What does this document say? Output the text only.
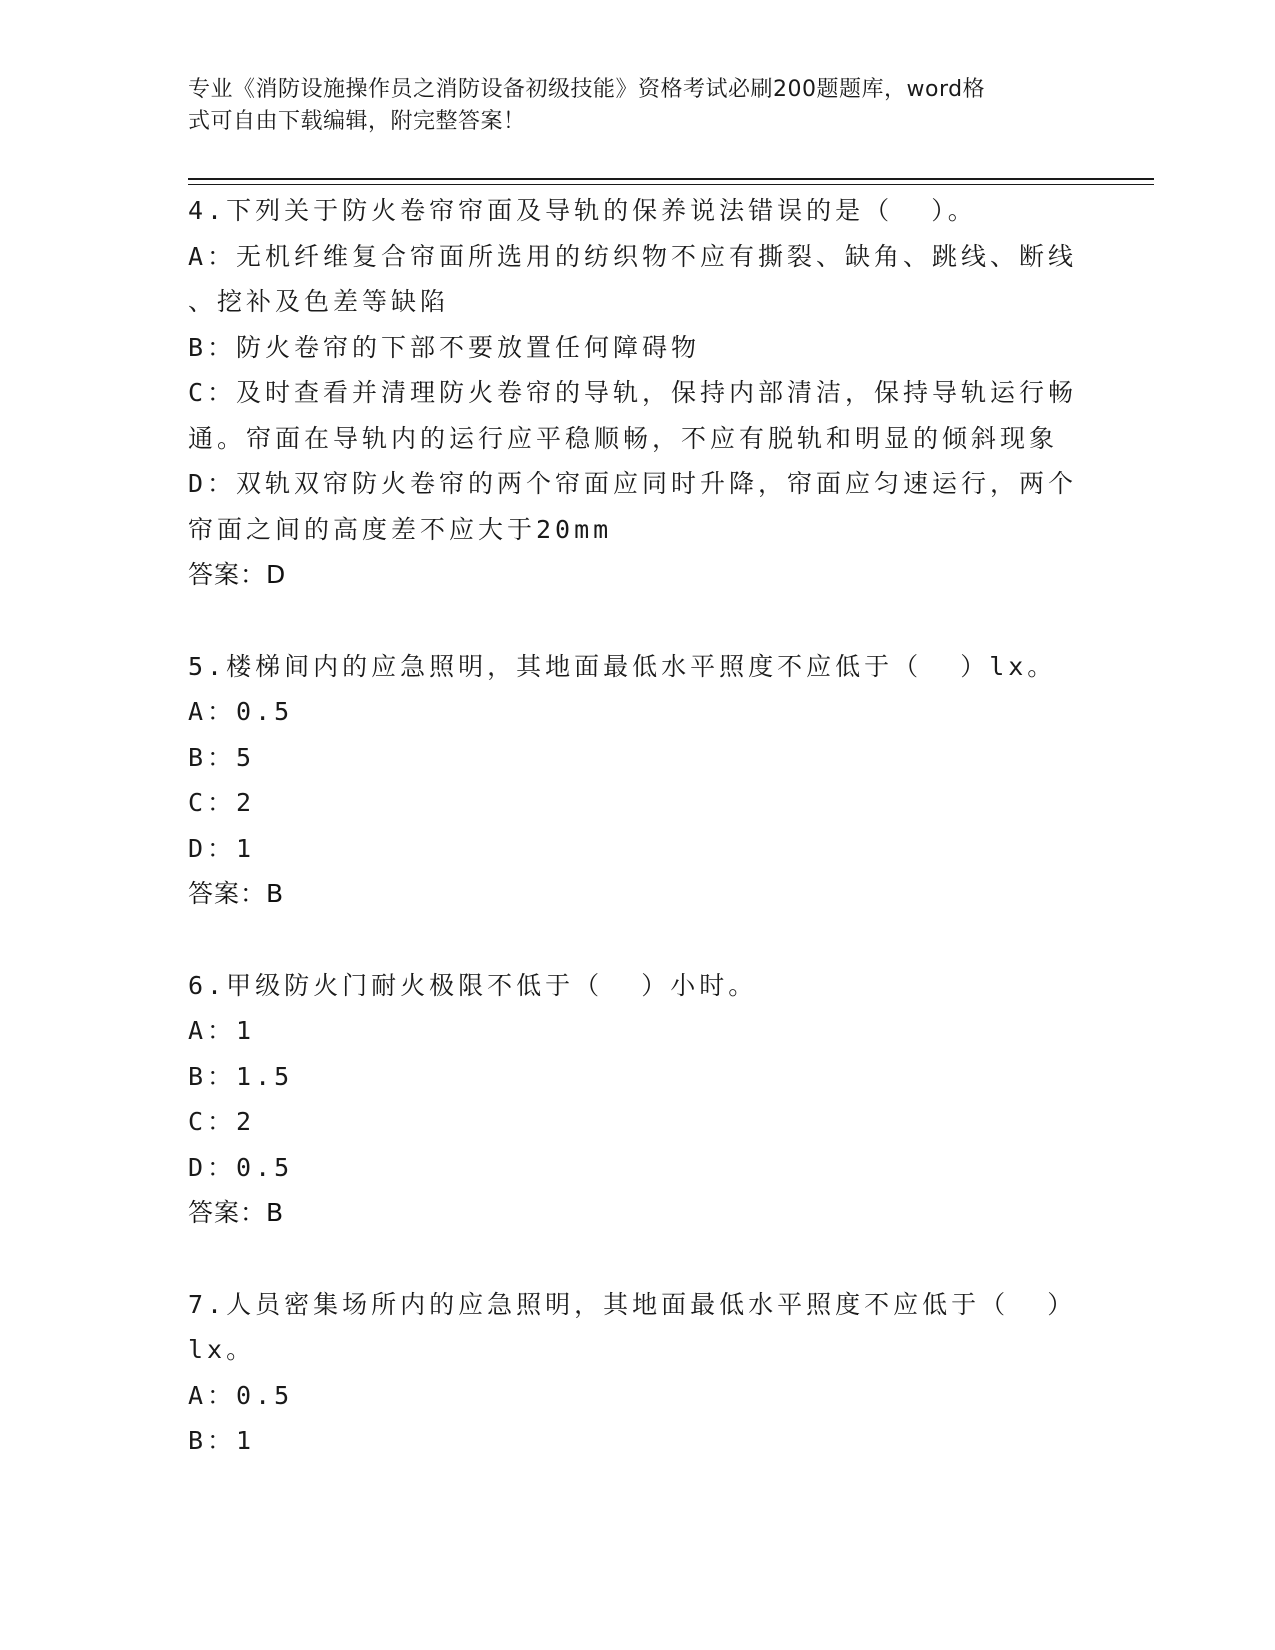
专业《消防设施操作员之消防设备初级技能》资格考试必刷200题题库，word格
式可自由下载编辑，附完整答案！
4.下列关于防火卷帘帘面及导轨的保养说法错误的是（  ）。
A：无机纤维复合帘面所选用的纺织物不应有撕裂、缺角、跳线、断线
、挖补及色差等缺陷
B：防火卷帘的下部不要放置任何障碍物
C：及时查看并清理防火卷帘的导轨，保持内部清洁，保持导轨运行畅
通。帘面在导轨内的运行应平稳顺畅，不应有脱轨和明显的倾斜现象
D：双轨双帘防火卷帘的两个帘面应同时升降，帘面应匀速运行，两个
帘面之间的高度差不应大于20mm
答案：D
5.楼梯间内的应急照明，其地面最低水平照度不应低于（  ）lx。
A：0.5
B：5
C：2
D：1
答案：B
6.甲级防火门耐火极限不低于（  ）小时。
A：1
B：1.5
C：2
D：0.5
答案：B
7.人员密集场所内的应急照明，其地面最低水平照度不应低于（  ）
lx。
A：0.5
B：1
